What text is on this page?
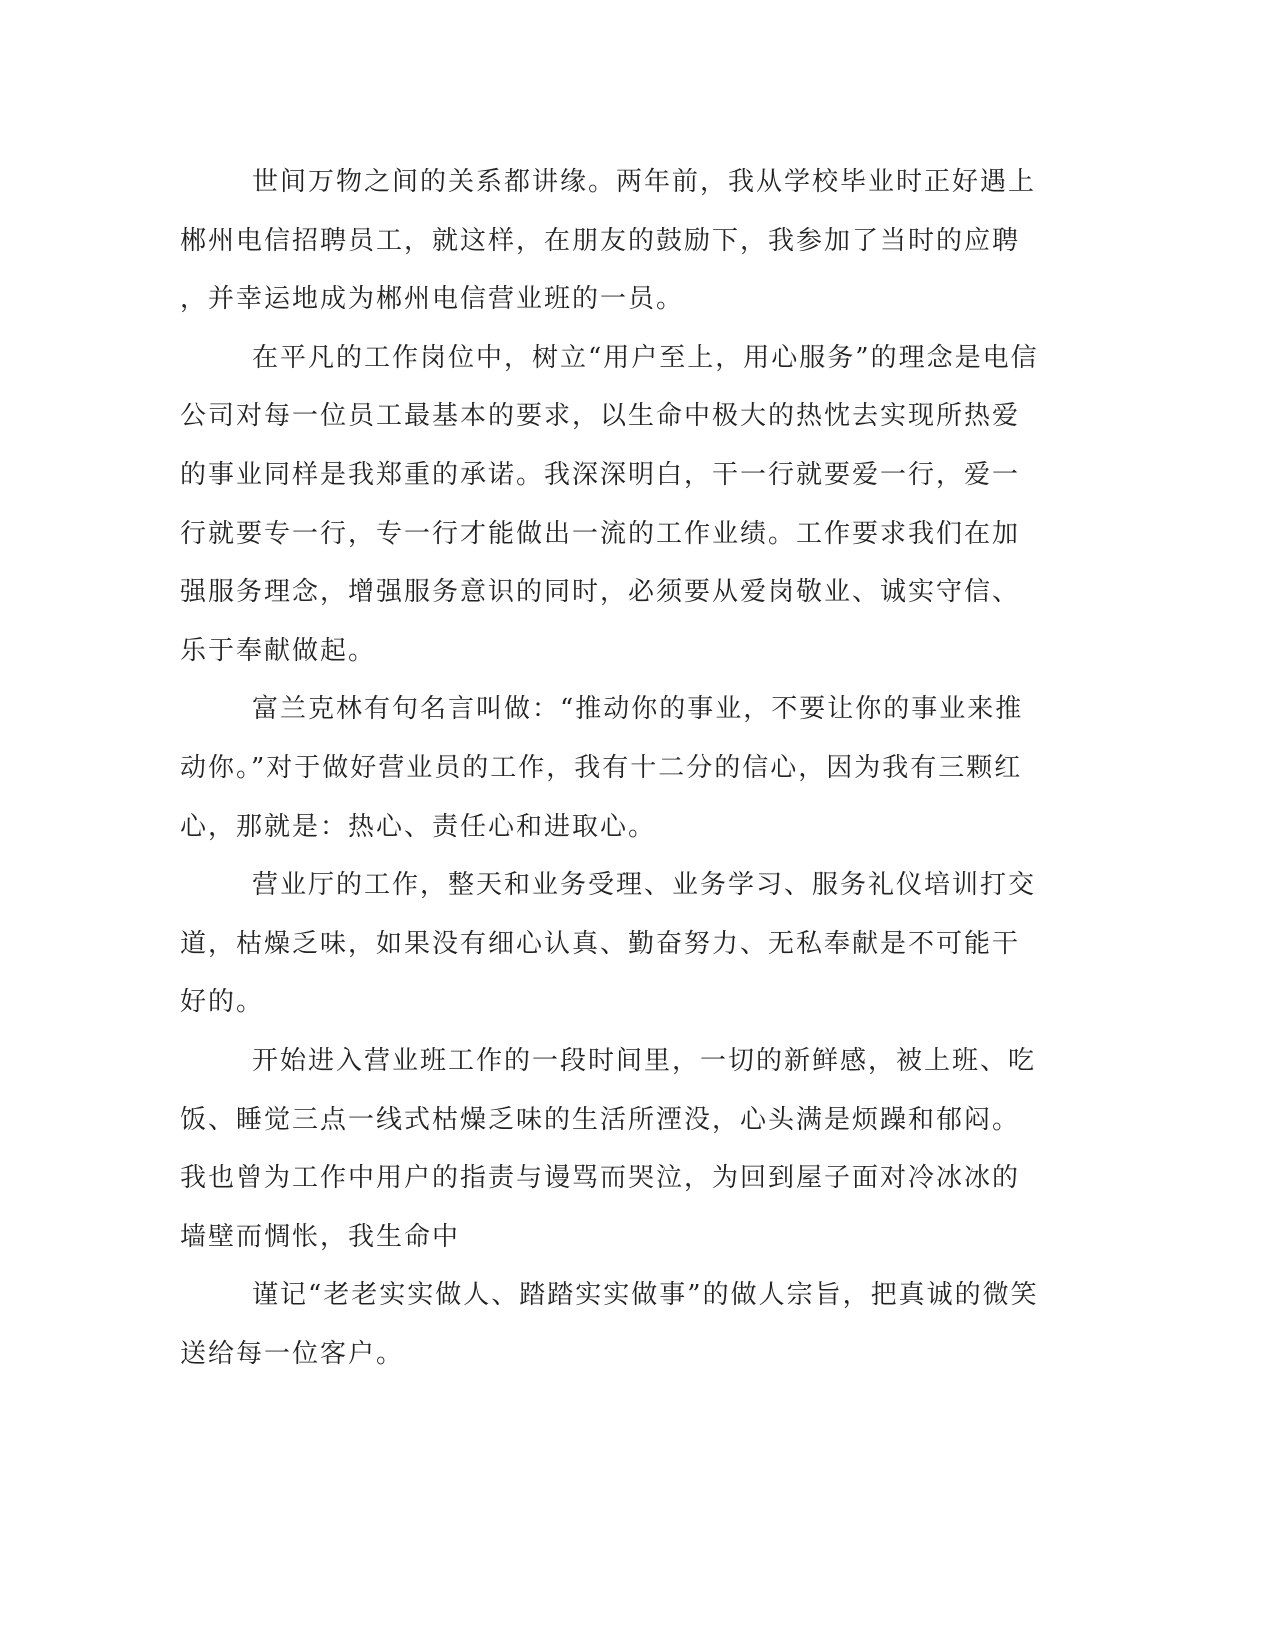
世间万物之间的关系都讲缘。两年前，我从学校毕业时正好遇上
郴州电信招聘员工，就这样，在朋友的鼓励下，我参加了当时的应聘
，并幸运地成为郴州电信营业班的一员。
在平凡的工作岗位中，树立“用户至上，用心服务”的理念是电信
公司对每一位员工最基本的要求，以生命中极大的热忱去实现所热爱
的事业同样是我郑重的承诺。我深深明白，干一行就要爱一行，爱一
行就要专一行，专一行才能做出一流的工作业绩。工作要求我们在加
强服务理念，增强服务意识的同时，必须要从爱岗敬业、诚实守信、
乐于奉献做起。
富兰克林有句名言叫做：“推动你的事业，不要让你的事业来推
动你。”对于做好营业员的工作，我有十二分的信心，因为我有三颗红
心，那就是：热心、责任心和进取心。
营业厅的工作，整天和业务受理、业务学习、服务礼仪培训打交
道，枯燥乏味，如果没有细心认真、勤奋努力、无私奉献是不可能干
好的。
开始进入营业班工作的一段时间里，一切的新鲜感，被上班、吃
饭、睡觉三点一线式枯燥乏味的生活所湮没，心头满是烦躁和郁闷。
我也曾为工作中用户的指责与谩骂而哭泣，为回到屋子面对冷冰冰的
墙壁而惆怅，我生命中
谨记“老老实实做人、踏踏实实做事”的做人宗旨，把真诚的微笑
送给每一位客户。
